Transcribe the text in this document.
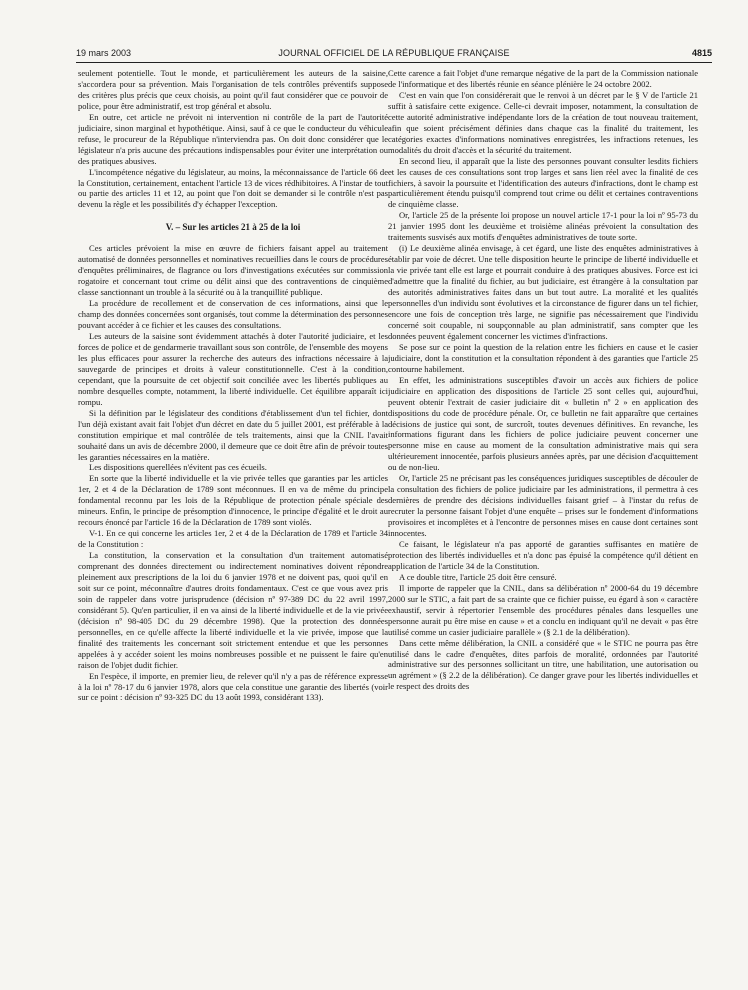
19 mars 2003	JOURNAL OFFICIEL DE LA RÉPUBLIQUE FRANÇAISE	4815

seulement potentielle. Tout le monde, et particulièrement les auteurs de la saisine, s'accordera pour sa prévention. Mais l'organisation de tels contrôles préventifs suppose des critères plus précis que ceux choisis, au point qu'il faut considérer que ce pouvoir de police, pour être administratif, est trop général et absolu.

En outre, cet article ne prévoit ni intervention ni contrôle de la part de l'autorité judiciaire, sinon marginal et hypothétique. Ainsi, sauf à ce que le conducteur du véhicule refuse, le procureur de la République n'interviendra pas. On doit donc considérer que le législateur n'a pris aucune des précautions indispensables pour éviter une interprétation ou des pratiques abusives.

L'incompétence négative du législateur, au moins, la méconnaissance de l'article 66 de la Constitution, certainement, entachent l'article 13 de vices rédhibitoires. A l'instar de tout ou partie des articles 11 et 12, au point que l'on doit se demander si le contrôle n'est pas devenu la règle et les possibilités d'y échapper l'exception.

V. – Sur les articles 21 à 25 de la loi

Ces articles prévoient la mise en œuvre de fichiers faisant appel au traitement automatisé de données personnelles et nominatives recueillies dans le cours de procédures d'enquêtes préliminaires, de flagrance ou lors d'investigations exécutées sur commission rogatoire et concernant tout crime ou délit ainsi que des contraventions de cinquième classe sanctionnant un trouble à la sécurité ou à la tranquillité publique.

La procédure de recollement et de conservation de ces informations, ainsi que le champ des données concernées sont organisés, tout comme la détermination des personnes pouvant accéder à ce fichier et les causes des consultations.

Les auteurs de la saisine sont évidemment attachés à doter l'autorité judiciaire, et les forces de police et de gendarmerie travaillant sous son contrôle, de l'ensemble des moyens les plus efficaces pour assurer la recherche des auteurs des infractions nécessaire à la sauvegarde de principes et droits à valeur constitutionnelle. C'est à la condition, cependant, que la poursuite de cet objectif soit conciliée avec les libertés publiques au nombre desquelles compte, notamment, la liberté individuelle. Cet équilibre apparaît ici rompu.

Si la définition par le législateur des conditions d'établissement d'un tel fichier, dont l'un déjà existant avait fait l'objet d'un décret en date du 5 juillet 2001, est préférable à la constitution empirique et mal contrôlée de tels traitements, ainsi que la CNIL l'avait souhaité dans un avis de décembre 2000, il demeure que ce doit être afin de prévoir toutes les garanties nécessaires en la matière.

Les dispositions querellées n'évitent pas ces écueils.

En sorte que la liberté individuelle et la vie privée telles que garanties par les articles 1er, 2 et 4 de la Déclaration de 1789 sont méconnues. Il en va de même du principe fondamental reconnu par les lois de la République de protection pénale spéciale des mineurs. Enfin, le principe de présomption d'innocence, le principe d'égalité et le droit au recours énoncé par l'article 16 de la Déclaration de 1789 sont violés.

V-1. En ce qui concerne les articles 1er, 2 et 4 de la Déclaration de 1789 et l'article 34 de la Constitution :

La constitution, la conservation et la consultation d'un traitement automatisé comprenant des données directement ou indirectement nominatives doivent répondre pleinement aux prescriptions de la loi du 6 janvier 1978 et ne doivent pas, quoi qu'il en soit sur ce point, méconnaître d'autres droits fondamentaux. C'est ce que vous avez pris soin de rappeler dans votre jurisprudence (décision nº 97-389 DC du 22 avril 1997, considérant 5). Qu'en particulier, il en va ainsi de la liberté individuelle et de la vie privée (décision nº 98-405 DC du 29 décembre 1998). Que la protection des données personnelles, en ce qu'elle affecte la liberté individuelle et la vie privée, impose que la finalité des traitements les concernant soit strictement entendue et que les personnes appelées à y accéder soient les moins nombreuses possible et ne puissent le faire qu'en raison de l'objet dudit fichier.

En l'espèce, il importe, en premier lieu, de relever qu'il n'y a pas de référence expresse à la loi nº 78-17 du 6 janvier 1978, alors que cela constitue une garantie des libertés (voir sur ce point : décision nº 93-325 DC du 13 août 1993, considérant 133).

Cette carence a fait l'objet d'une remarque négative de la part de la Commission nationale de l'informatique et des libertés réunie en séance plénière le 24 octobre 2002.

C'est en vain que l'on considérerait que le renvoi à un décret par le § V de l'article 21 suffit à satisfaire cette exigence. Celle-ci devrait imposer, notamment, la consultation de cette autorité administrative indépendante lors de la création de tout nouveau traitement, afin que soient précisément définies dans chaque cas la finalité du traitement, les catégories exactes d'informations nominatives enregistrées, les infractions retenues, les modalités du droit d'accès et la sécurité du traitement.

En second lieu, il apparaît que la liste des personnes pouvant consulter lesdits fichiers et les causes de ces consultations sont trop larges et sans lien réel avec la finalité de ces fichiers, à savoir la poursuite et l'identification des auteurs d'infractions, dont le champ est particulièrement étendu puisqu'il comprend tout crime ou délit et certaines contraventions de cinquième classe.

Or, l'article 25 de la présente loi propose un nouvel article 17-1 pour la loi nº 95-73 du 21 janvier 1995 dont les deuxième et troisième alinéas prévoient la consultation des traitements susvisés aux motifs d'enquêtes administratives de toute sorte.

(i) Le deuxième alinéa envisage, à cet égard, une liste des enquêtes administratives à établir par voie de décret. Une telle disposition heurte le principe de liberté individuelle et la vie privée tant elle est large et pourrait conduire à des pratiques abusives. Force est ici d'admettre que la finalité du fichier, au but judiciaire, est étrangère à la consultation par des autorités administratives faites dans un but tout autre. La moralité et les qualités personnelles d'un individu sont évolutives et la circonstance de figurer dans un tel fichier, encore une fois de conception très large, ne signifie pas nécessairement que l'individu concerné soit coupable, ni soupçonnable au plan administratif, sans compter que les données peuvent également concerner les victimes d'infractions.

Se pose sur ce point la question de la relation entre les fichiers en cause et le casier judiciaire, dont la constitution et la consultation répondent à des garanties que l'article 25 contourne habilement.

En effet, les administrations susceptibles d'avoir un accès aux fichiers de police judiciaire en application des dispositions de l'article 25 sont celles qui, aujourd'hui, peuvent obtenir l'extrait de casier judiciaire dit « bulletin nº 2 » en application des dispositions du code de procédure pénale. Or, ce bulletin ne fait apparaître que certaines décisions de justice qui sont, de surcroît, toutes devenues définitives. En revanche, les informations figurant dans les fichiers de police judiciaire peuvent concerner une personne mise en cause au moment de la consultation administrative mais qui sera ultérieurement innocentée, parfois plusieurs années après, par une décision d'acquittement ou de non-lieu.

Or, l'article 25 ne précisant pas les conséquences juridiques susceptibles de découler de la consultation des fichiers de police judiciaire par les administrations, il permettra à ces dernières de prendre des décisions individuelles faisant grief – à l'instar du refus de recruter la personne faisant l'objet d'une enquête – prises sur le fondement d'informations provisoires et incomplètes et à l'encontre de personnes mises en cause dont certaines sont innocentes.

Ce faisant, le législateur n'a pas apporté de garanties suffisantes en matière de protection des libertés individuelles et n'a donc pas épuisé la compétence qu'il détient en application de l'article 34 de la Constitution.

A ce double titre, l'article 25 doit être censuré.

Il importe de rappeler que la CNIL, dans sa délibération nº 2000-64 du 19 décembre 2000 sur le STIC, a fait part de sa crainte que ce fichier puisse, eu égard à son « caractère exhaustif, servir à répertorier l'ensemble des procédures pénales dans lesquelles une personne aurait pu être mise en cause » et a conclu en indiquant qu'il ne devait « pas être utilisé comme un casier judiciaire parallèle » (§ 2.1 de la délibération).

Dans cette même délibération, la CNIL a considéré que « le STIC ne pourra pas être utilisé dans le cadre d'enquêtes, dites parfois de moralité, ordonnées par l'autorité administrative sur des personnes sollicitant un titre, une habilitation, une autorisation ou un agrément » (§ 2.2 de la délibération). Ce danger grave pour les libertés individuelles et le respect des droits des
